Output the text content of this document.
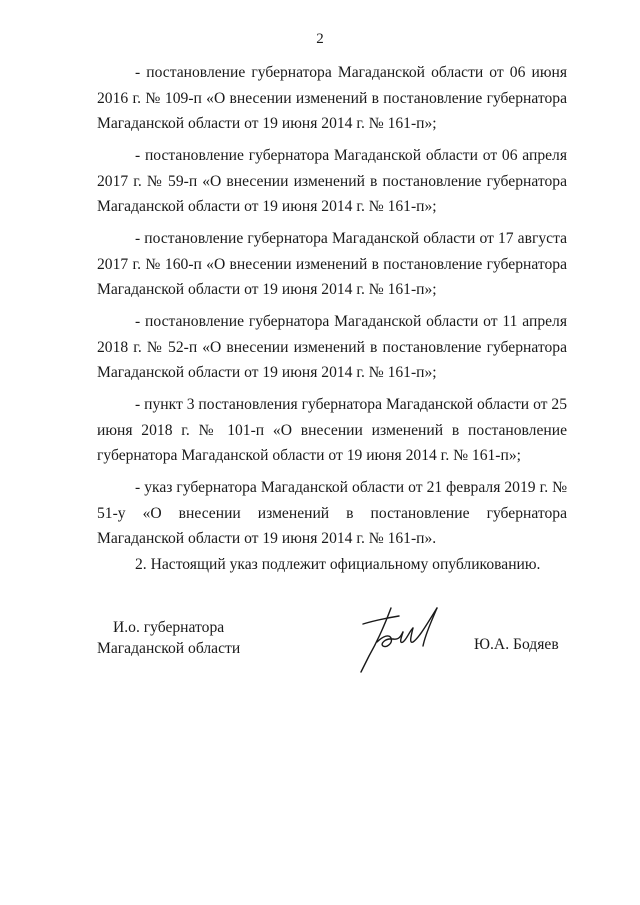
2

- постановление губернатора Магаданской области от 06 июня 2016 г. № 109-п «О внесении изменений в постановление губернатора Магаданской области от 19 июня 2014 г. № 161-п»;

- постановление губернатора Магаданской области от 06 апреля 2017 г. № 59-п «О внесении изменений в постановление губернатора Магаданской области от 19 июня 2014 г. № 161-п»;

- постановление губернатора Магаданской области от 17 августа 2017 г. № 160-п «О внесении изменений в постановление губернатора Магаданской области от 19 июня 2014 г. № 161-п»;

- постановление губернатора Магаданской области от 11 апреля 2018 г. № 52-п «О внесении изменений в постановление губернатора Магаданской области от 19 июня 2014 г. № 161-п»;

- пункт 3 постановления губернатора Магаданской области от 25 июня 2018 г. № 101-п «О внесении изменений в постановление губернатора Магаданской области от 19 июня 2014 г. № 161-п»;

- указ губернатора Магаданской области от 21 февраля 2019 г. № 51-у «О внесении изменений в постановление губернатора Магаданской области от 19 июня 2014 г. № 161-п».

2. Настоящий указ подлежит официальному опубликованию.

И.о. губернатора
Магаданской области	Ю.А. Бодяев
